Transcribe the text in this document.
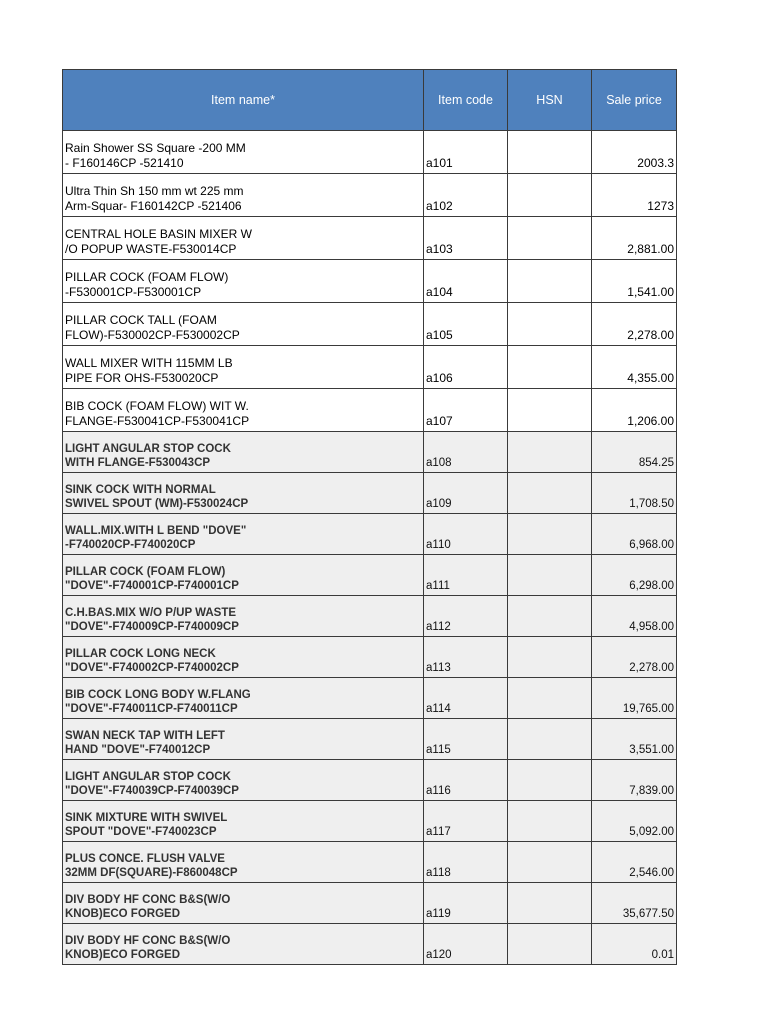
Item name*	Item code	HSN	Sale price
Rain Shower SS Square -200 MM
- F160146CP -521410	a101		2003.3
Ultra Thin Sh 150 mm wt 225 mm
Arm-Squar- F160142CP -521406	a102		1273
CENTRAL HOLE BASIN MIXER W
/O POPUP WASTE-F530014CP	a103		2,881.00
PILLAR COCK (FOAM FLOW)
-F530001CP-F530001CP	a104		1,541.00
PILLAR COCK TALL (FOAM
FLOW)-F530002CP-F530002CP	a105		2,278.00
WALL MIXER WITH 115MM LB
PIPE FOR OHS-F530020CP	a106		4,355.00
BIB COCK (FOAM FLOW) WIT W.
FLANGE-F530041CP-F530041CP	a107		1,206.00
LIGHT ANGULAR STOP COCK
WITH FLANGE-F530043CP	a108		854.25
SINK COCK WITH NORMAL
SWIVEL SPOUT (WM)-F530024CP	a109		1,708.50
WALL.MIX.WITH L BEND "DOVE"
-F740020CP-F740020CP	a110		6,968.00
PILLAR COCK (FOAM FLOW)
"DOVE"-F740001CP-F740001CP	a111		6,298.00
C.H.BAS.MIX W/O P/UP WASTE
"DOVE"-F740009CP-F740009CP	a112		4,958.00
PILLAR COCK LONG NECK
"DOVE"-F740002CP-F740002CP	a113		2,278.00
BIB COCK LONG BODY W.FLANG
"DOVE"-F740011CP-F740011CP	a114		19,765.00
SWAN NECK TAP WITH LEFT
HAND "DOVE"-F740012CP	a115		3,551.00
LIGHT ANGULAR STOP COCK
"DOVE"-F740039CP-F740039CP	a116		7,839.00
SINK MIXTURE WITH SWIVEL
SPOUT "DOVE"-F740023CP	a117		5,092.00
PLUS CONCE. FLUSH VALVE
32MM DF(SQUARE)-F860048CP	a118		2,546.00
DIV BODY HF CONC B&S(W/O
KNOB)ECO FORGED	a119		35,677.50
DIV BODY HF CONC B&S(W/O
KNOB)ECO FORGED	a120		0.01
